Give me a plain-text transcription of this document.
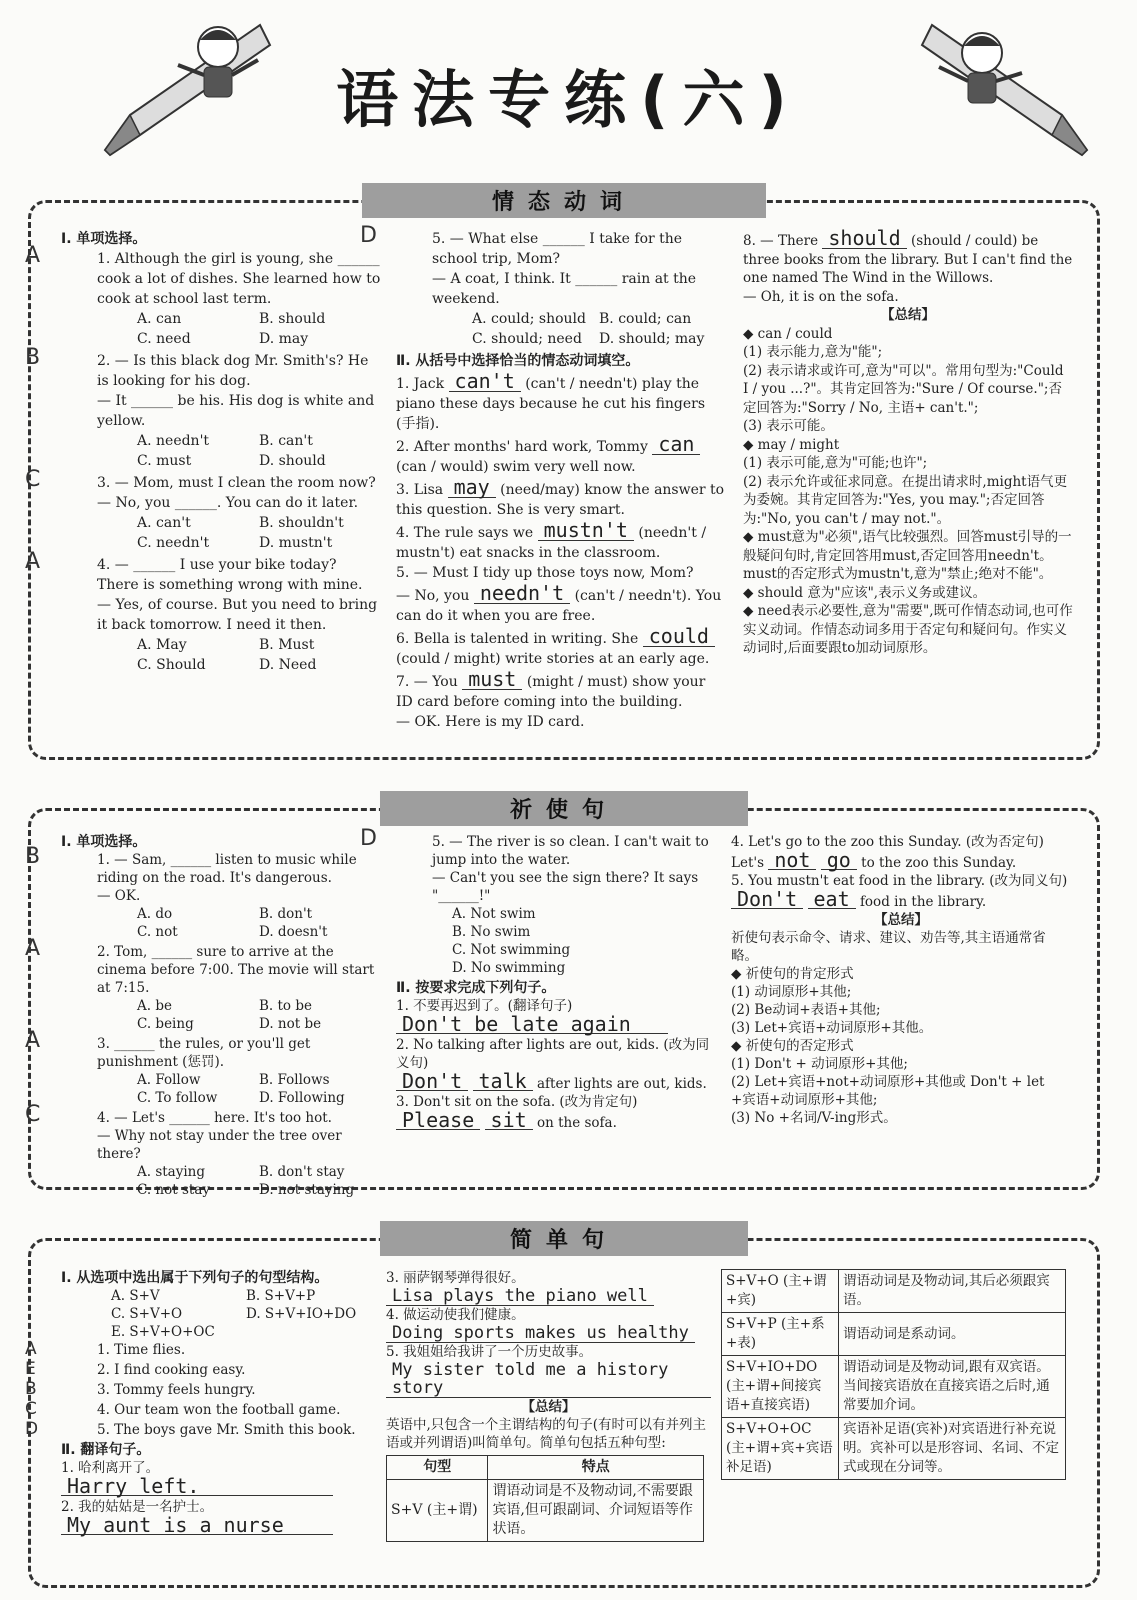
语法专练(六)
情态动词

Ⅰ. 单项选择。

A	1. Although the girl is young, she ______ cook a lot of dishes. She learned how to cook at school last term.

A. can	B. should
C. need	D. may
B	2. — Is this black dog Mr. Smith's? He is looking for his dog.

— It ______ be his. His dog is white and yellow.

A. needn't	B. can't
C. must	D. should
C	3. — Mom, must I clean the room now?

— No, you ______. You can do it later.

A. can't	B. shouldn't
C. needn't	D. mustn't
A	4. — ______ I use your bike today? There is something wrong with mine.

— Yes, of course. But you need to bring it back tomorrow. I need it then.

A. May	B. Must
C. Should	D. Need
D	5. — What else ______ I take for the school trip, Mom?

— A coat, I think. It ______ rain at the weekend.

A. could; should B. could; can
C. should; need	D. should; may

Ⅱ. 从括号中选择恰当的情态动词填空。

1. Jack can't (can't / needn't) play the piano these days because he cut his fingers (手指).

2. After months' hard work, Tommy can (can / would) swim very well now.

3. Lisa may (need/may) know the answer to this question. She is very smart.

4. The rule says we mustn't (needn't / mustn't) eat snacks in the classroom.

5. — Must I tidy up those toys now, Mom?
— No, you needn't (can't / needn't). You can do it when you are free.

6. Bella is talented in writing. She could (could / might) write stories at an early age.

7. — You must (might / must) show your ID card before coming into the building.
— OK. Here is my ID card.

8. — There should (should / could) be three books from the library. But I can't find the one named The Wind in the Willows.
— Oh, it is on the sofa.

【总结】

◆ can / could

(1) 表示能力,意为"能";

(2) 表示请求或许可,意为"可以"。常用句型为:"Could I / you ...?"。其肯定回答为:"Sure / Of course.";否定回答为:"Sorry / No, 主语+ can't.";

(3) 表示可能。

◆ may / might

(1) 表示可能,意为"可能;也许";

(2) 表示允许或征求同意。在提出请求时,might语气更为委婉。其肯定回答为:"Yes, you may.";否定回答为:"No, you can't / may not."。

◆ must意为"必须",语气比较强烈。回答must引导的一般疑问句时,肯定回答用must,否定回答用needn't。must的否定形式为mustn't,意为"禁止;绝对不能"。

◆ should 意为"应该",表示义务或建议。

◆ need表示必要性,意为"需要",既可作情态动词,也可作实义动词。作情态动词多用于否定句和疑问句。作实义动词时,后面要跟to加动词原形。

祈使句

Ⅰ. 单项选择。

B	1. — Sam, ______ listen to music while riding on the road. It's dangerous.

— OK.

A. do	B. don't
C. not	D. doesn't
A	2. Tom, ______ sure to arrive at the cinema before 7:00. The movie will start at 7:15.

A. be	B. to be
C. being	D. not be
A	3. ______ the rules, or you'll get punishment (惩罚).

A. Follow	B. Follows
C. To follow	D. Following
C	4. — Let's ______ here. It's too hot.

— Why not stay under the tree over there?

A. staying	B. don't stay
C. not stay	D. not staying
D	5. — The river is so clean. I can't wait to jump into the water.

— Can't you see the sign there? It says "______!"

A. Not swim

B. No swim

C. Not swimming

D. No swimming

Ⅱ. 按要求完成下列句子。

1. 不要再迟到了。(翻译句子)

Don't be late again

2. No talking after lights are out, kids. (改为同义句)

Don't talk after lights are out, kids.

3. Don't sit on the sofa. (改为肯定句)

Please sit on the sofa.

4. Let's go to the zoo this Sunday. (改为否定句)

Let's not go to the zoo this Sunday.

5. You mustn't eat food in the library. (改为同义句)

Don't eat food in the library.

【总结】

祈使句表示命令、请求、建议、劝告等,其主语通常省略。

◆ 祈使句的肯定形式

(1) 动词原形+其他;

(2) Be动词+表语+其他;

(3) Let+宾语+动词原形+其他。

◆ 祈使句的否定形式

(1) Don't + 动词原形+其他;

(2) Let+宾语+not+动词原形+其他或 Don't + let +宾语+动词原形+其他;

(3) No +名词/V-ing形式。

简单句

Ⅰ. 从选项中选出属于下列句子的句型结构。

A. S+V	B. S+V+P
C. S+V+O	D. S+V+IO+DO
E. S+V+O+OC
A	1. Time flies.

E	2. I find cooking easy.

B	3. Tommy feels hungry.

C	4. Our team won the football game.

D	5. The boys gave Mr. Smith this book.

Ⅱ. 翻译句子。

1. 哈利离开了。

Harry left.

2. 我的姑姑是一名护士。

My aunt is a nurse

3. 丽萨钢琴弹得很好。

Lisa plays the piano well

4. 做运动使我们健康。

Doing sports makes us healthy

5. 我姐姐给我讲了一个历史故事。

My sister told me a history story

【总结】

英语中,只包含一个主谓结构的句子(有时可以有并列主语或并列谓语)叫简单句。简单句包括五种句型:

句型	特点
S+V (主+谓)	谓语动词是不及物动词,不需要跟宾语,但可跟副词、介词短语等作状语。
S+V+O (主+谓+宾)	谓语动词是及物动词,其后必须跟宾语。
S+V+P (主+系+表)	谓语动词是系动词。
S+V+IO+DO (主+谓+间接宾语+直接宾语)	谓语动词是及物动词,跟有双宾语。当间接宾语放在直接宾语之后时,通常要加介词。
S+V+O+OC (主+谓+宾+宾语补足语)	宾语补足语(宾补)对宾语进行补充说明。宾补可以是形容词、名词、不定式或现在分词等。
